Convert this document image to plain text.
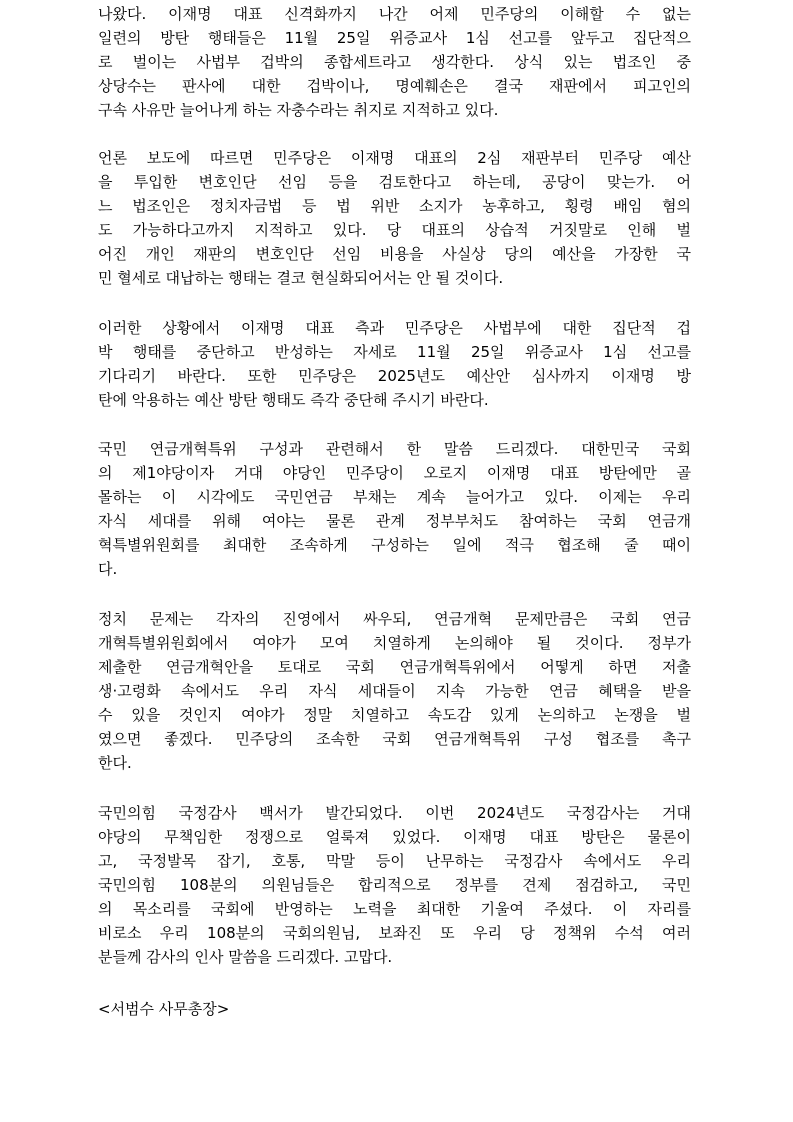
나왔다. 이재명 대표 신격화까지 나간 어제 민주당의 이해할 수 없는
일련의 방탄 행태들은 11월 25일 위증교사 1심 선고를 앞두고 집단적으
로 벌이는 사법부 겁박의 종합세트라고 생각한다. 상식 있는 법조인 중
상당수는 판사에 대한 겁박이나, 명예훼손은 결국 재판에서 피고인의
구속 사유만 늘어나게 하는 자충수라는 취지로 지적하고 있다.
언론 보도에 따르면 민주당은 이재명 대표의 2심 재판부터 민주당 예산
을 투입한 변호인단 선임 등을 검토한다고 하는데, 공당이 맞는가. 어
느 법조인은 정치자금법 등 법 위반 소지가 농후하고, 횡령 배임 혐의
도 가능하다고까지 지적하고 있다. 당 대표의 상습적 거짓말로 인해 벌
어진 개인 재판의 변호인단 선임 비용을 사실상 당의 예산을 가장한 국
민 혈세로 대납하는 행태는 결코 현실화되어서는 안 될 것이다.
이러한 상황에서 이재명 대표 측과 민주당은 사법부에 대한 집단적 겁
박 행태를 중단하고 반성하는 자세로 11월 25일 위증교사 1심 선고를
기다리기 바란다. 또한 민주당은 2025년도 예산안 심사까지 이재명 방
탄에 악용하는 예산 방탄 행태도 즉각 중단해 주시기 바란다.
국민 연금개혁특위 구성과 관련해서 한 말씀 드리겠다. 대한민국 국회
의 제1야당이자 거대 야당인 민주당이 오로지 이재명 대표 방탄에만 골
몰하는 이 시각에도 국민연금 부채는 계속 늘어가고 있다. 이제는 우리
자식 세대를 위해 여야는 물론 관계 정부부처도 참여하는 국회 연금개
혁특별위원회를 최대한 조속하게 구성하는 일에 적극 협조해 줄 때이
다.
정치 문제는 각자의 진영에서 싸우되, 연금개혁 문제만큼은 국회 연금
개혁특별위원회에서 여야가 모여 치열하게 논의해야 될 것이다. 정부가
제출한 연금개혁안을 토대로 국회 연금개혁특위에서 어떻게 하면 저출
생·고령화 속에서도 우리 자식 세대들이 지속 가능한 연금 혜택을 받을
수 있을 것인지 여야가 정말 치열하고 속도감 있게 논의하고 논쟁을 벌
였으면 좋겠다. 민주당의 조속한 국회 연금개혁특위 구성 협조를 촉구
한다.
국민의힘 국정감사 백서가 발간되었다. 이번 2024년도 국정감사는 거대
야당의 무책임한 정쟁으로 얼룩져 있었다. 이재명 대표 방탄은 물론이
고, 국정발목 잡기, 호통, 막말 등이 난무하는 국정감사 속에서도 우리
국민의힘 108분의 의원님들은 합리적으로 정부를 견제 점검하고, 국민
의 목소리를 국회에 반영하는 노력을 최대한 기울여 주셨다. 이 자리를
비로소 우리 108분의 국회의원님, 보좌진 또 우리 당 정책위 수석 여러
분들께 감사의 인사 말씀을 드리겠다. 고맙다.
<서범수 사무총장>
